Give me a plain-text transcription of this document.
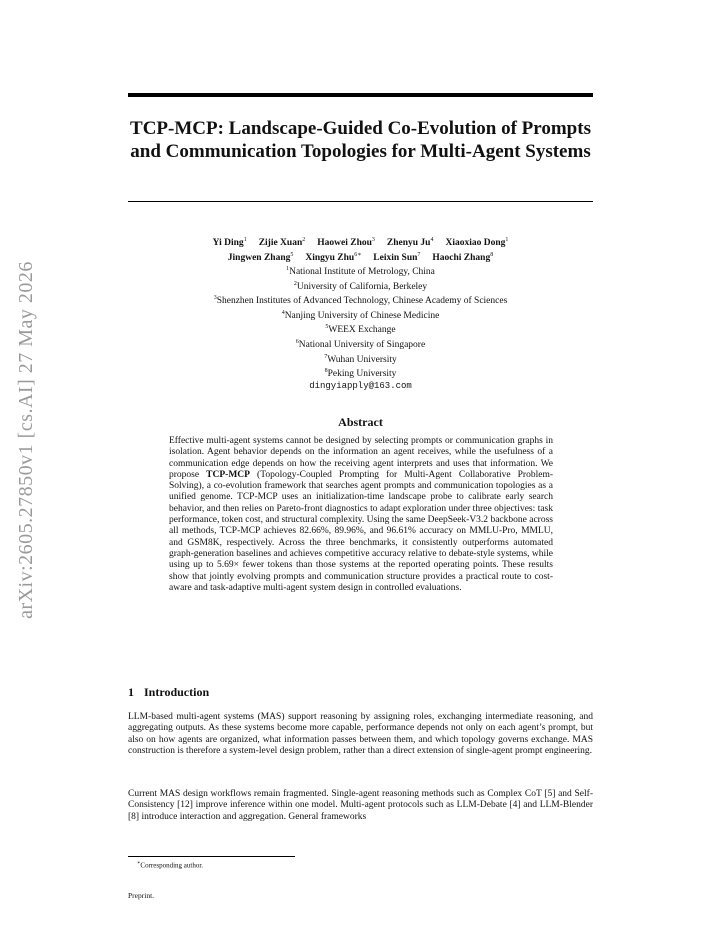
arXiv:2605.27850v1 [cs.AI] 27 May 2026
TCP-MCP: Landscape-Guided Co-Evolution of Prompts and Communication Topologies for Multi-Agent Systems
Yi Ding$^1$ Zijie Xuan$^2$ Haowei Zhou$^3$ Zhenyu Ju$^4$ Xiaoxiao Dong$^1$
Jingwen Zhang$^5$ Xingyu Zhu$^{6∗}$ Leixin Sun$^7$ Haochi Zhang$^8$
$^1$National Institute of Metrology, China
$^2$University of California, Berkeley
$^3$Shenzhen Institutes of Advanced Technology, Chinese Academy of Sciences
$^4$Nanjing University of Chinese Medicine
$^5$WEEX Exchange
$^6$National University of Singapore
$^7$Wuhan University
$^8$Peking University
dingyiapply@163.com
Abstract
Effective multi-agent systems cannot be designed by selecting prompts or communication graphs in isolation. Agent behavior depends on the information an agent receives, while the usefulness of a communication edge depends on how the receiving agent interprets and uses that information. We propose TCP-MCP (Topology-Coupled Prompting for Multi-Agent Collaborative Problem-Solving), a co-evolution framework that searches agent prompts and communication topologies as a unified genome. TCP-MCP uses an initialization-time landscape probe to calibrate early search behavior, and then relies on Pareto-front diagnostics to adapt exploration under three objectives: task performance, token cost, and structural complexity. Using the same DeepSeek-V3.2 backbone across all methods, TCP-MCP achieves 82.66%, 89.96%, and 96.61% accuracy on MMLU-Pro, MMLU, and GSM8K, respectively. Across the three benchmarks, it consistently outperforms automated graph-generation baselines and achieves competitive accuracy relative to debate-style systems, while using up to 5.69× fewer tokens than those systems at the reported operating points. These results show that jointly evolving prompts and communication structure provides a practical route to cost-aware and task-adaptive multi-agent system design in controlled evaluations.
1 Introduction
LLM-based multi-agent systems (MAS) support reasoning by assigning roles, exchanging intermediate reasoning, and aggregating outputs. As these systems become more capable, performance depends not only on each agent’s prompt, but also on how agents are organized, what information passes between them, and which topology governs exchange. MAS construction is therefore a system-level design problem, rather than a direct extension of single-agent prompt engineering.
Current MAS design workflows remain fragmented. Single-agent reasoning methods such as Complex CoT [5] and Self-Consistency [12] improve inference within one model. Multi-agent protocols such as LLM-Debate [4] and LLM-Blender [8] introduce interaction and aggregation. General frameworks
∗Corresponding author.
Preprint.
